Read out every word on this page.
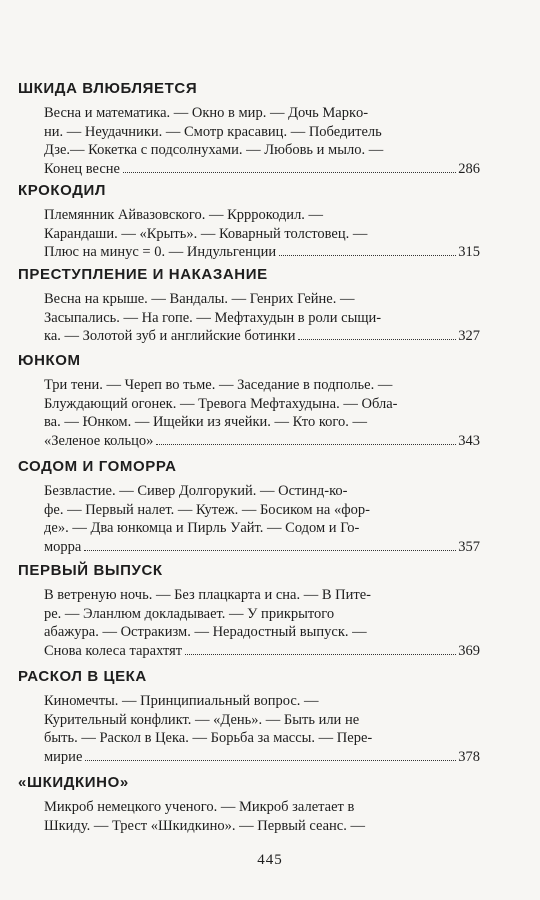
ШКИДА ВЛЮБЛЯЕТСЯ
Весна и математика. — Окно в мир. — Дочь Маркo-
ни. — Неудачники. — Смотр красавиц. — Победитель
Дзе.— Кокетка с подсолнухами. — Любовь и мыло. —
Конец весне	286
КРОКОДИЛ
Племянник Айвазовского. — Крррокодил. —
Карандаши. — «Крыть». — Коварный толстовец. —
Плюс на минус = 0. — Индульгенции	315
ПРЕСТУПЛЕНИЕ И НАКАЗАНИЕ
Весна на крыше. — Вандалы. — Генрих Гейне. —
Засыпались. — На гопе. — Мефтахудын в роли сыщи-
ка. — Золотой зуб и английские ботинки	327
ЮНКОМ
Три тени. — Череп во тьме. — Заседание в подполье. —
Блуждающий огонек. — Тревога Мефтахудына. — Обла-
ва. — Юнком. — Ищейки из ячейки. — Кто кого. —
«Зеленое кольцо»	343
СОДОМ И ГОМОРРА
Безвластие. — Сивер Долгорукий. — Остинд-ко-
фе. — Первый налет. — Кутеж. — Босиком на «фор-
де». — Два юнкомца и Пирль Уайт. — Содом и Го-
морра	357
ПЕРВЫЙ ВЫПУСК
В ветреную ночь. — Без плацкарта и сна. — В Пите-
ре. — Эланлюм докладывает. — У прикрытого
абажура. — Остракизм. — Нерадостный выпуск. —
Снова колеса тарахтят	369
РАСКОЛ В ЦЕКА
Киномечты. — Принципиальный вопрос. —
Курительный конфликт. — «День». — Быть или не
быть. — Раскол в Цека. — Борьба за массы. — Пере-
мирие	378
«ШКИДКИНО»
Микроб немецкого ученого. — Микроб залетает в
Шкиду. — Трест «Шкидкино». — Первый сеанс. —
445
